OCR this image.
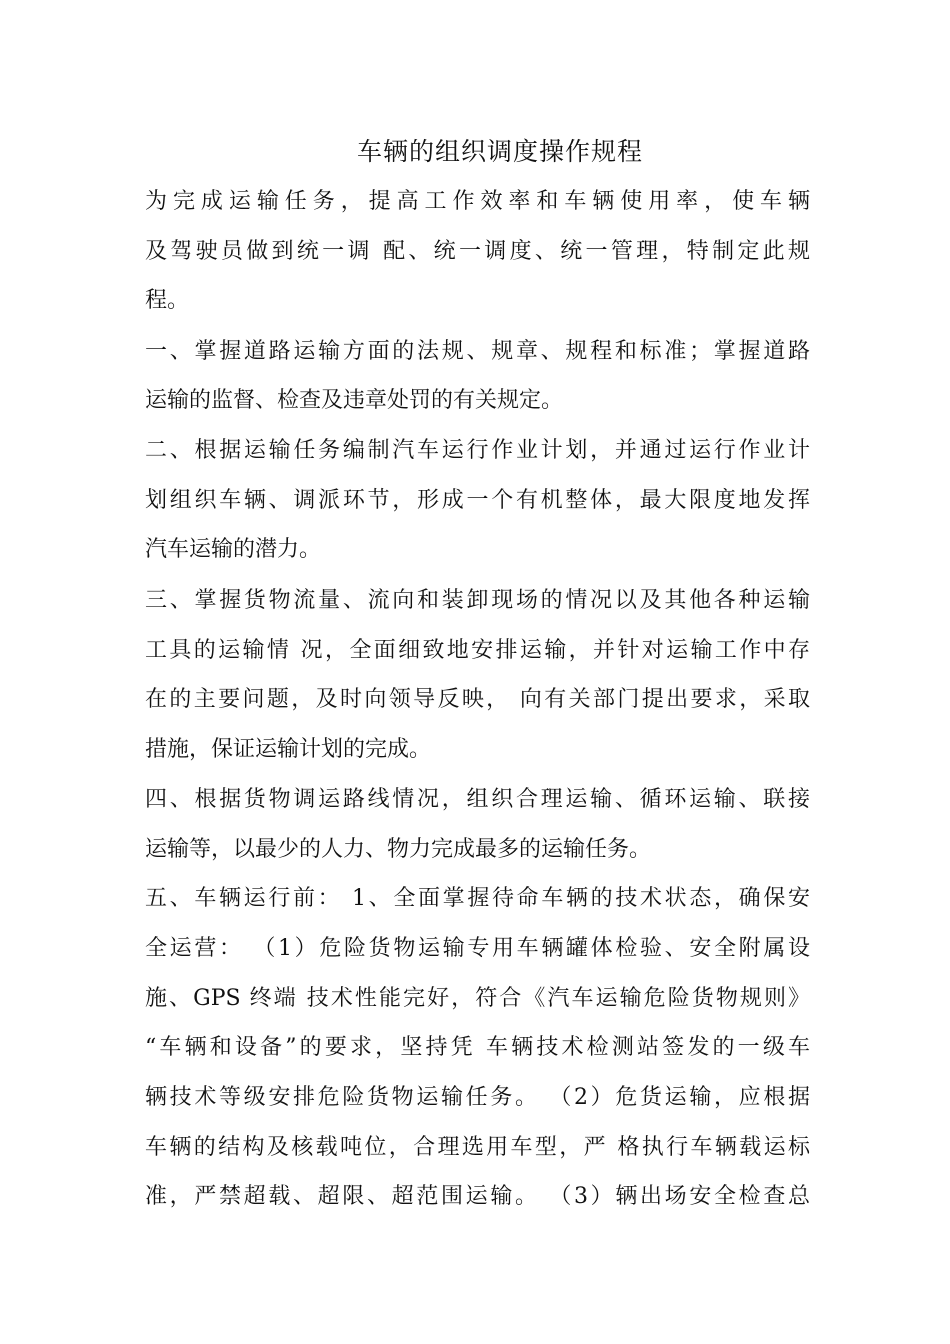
车辆的组织调度操作规程
为完成运输任务，提高工作效率和车辆使用率，使车辆
及驾驶员做到统一调 配、统一调度、统一管理，特制定此规
程。
一、掌握道路运输方面的法规、规章、规程和标准；掌握道路
运输的监督、检查及违章处罚的有关规定。
二、根据运输任务编制汽车运行作业计划，并通过运行作业计
划组织车辆、调派环节，形成一个有机整体，最大限度地发挥
汽车运输的潜力。
三、掌握货物流量、流向和装卸现场的情况以及其他各种运输
工具的运输情 况，全面细致地安排运输，并针对运输工作中存
在的主要问题，及时向领导反映， 向有关部门提出要求，采取
措施，保证运输计划的完成。
四、根据货物调运路线情况，组织合理运输、循环运输、联接
运输等，以最少的人力、物力完成最多的运输任务。
五、车辆运行前： 1、全面掌握待命车辆的技术状态，确保安
全运营： （1）危险货物运输专用车辆罐体检验、安全附属设
施、GPS 终端 技术性能完好，符合《汽车运输危险货物规则》
“车辆和设备”的要求，坚持凭 车辆技术检测站签发的一级车
辆技术等级安排危险货物运输任务。 （2）危货运输，应根据
车辆的结构及核载吨位，合理选用车型，严 格执行车辆载运标
准，严禁超载、超限、超范围运输。 （3）辆出场安全检查总
